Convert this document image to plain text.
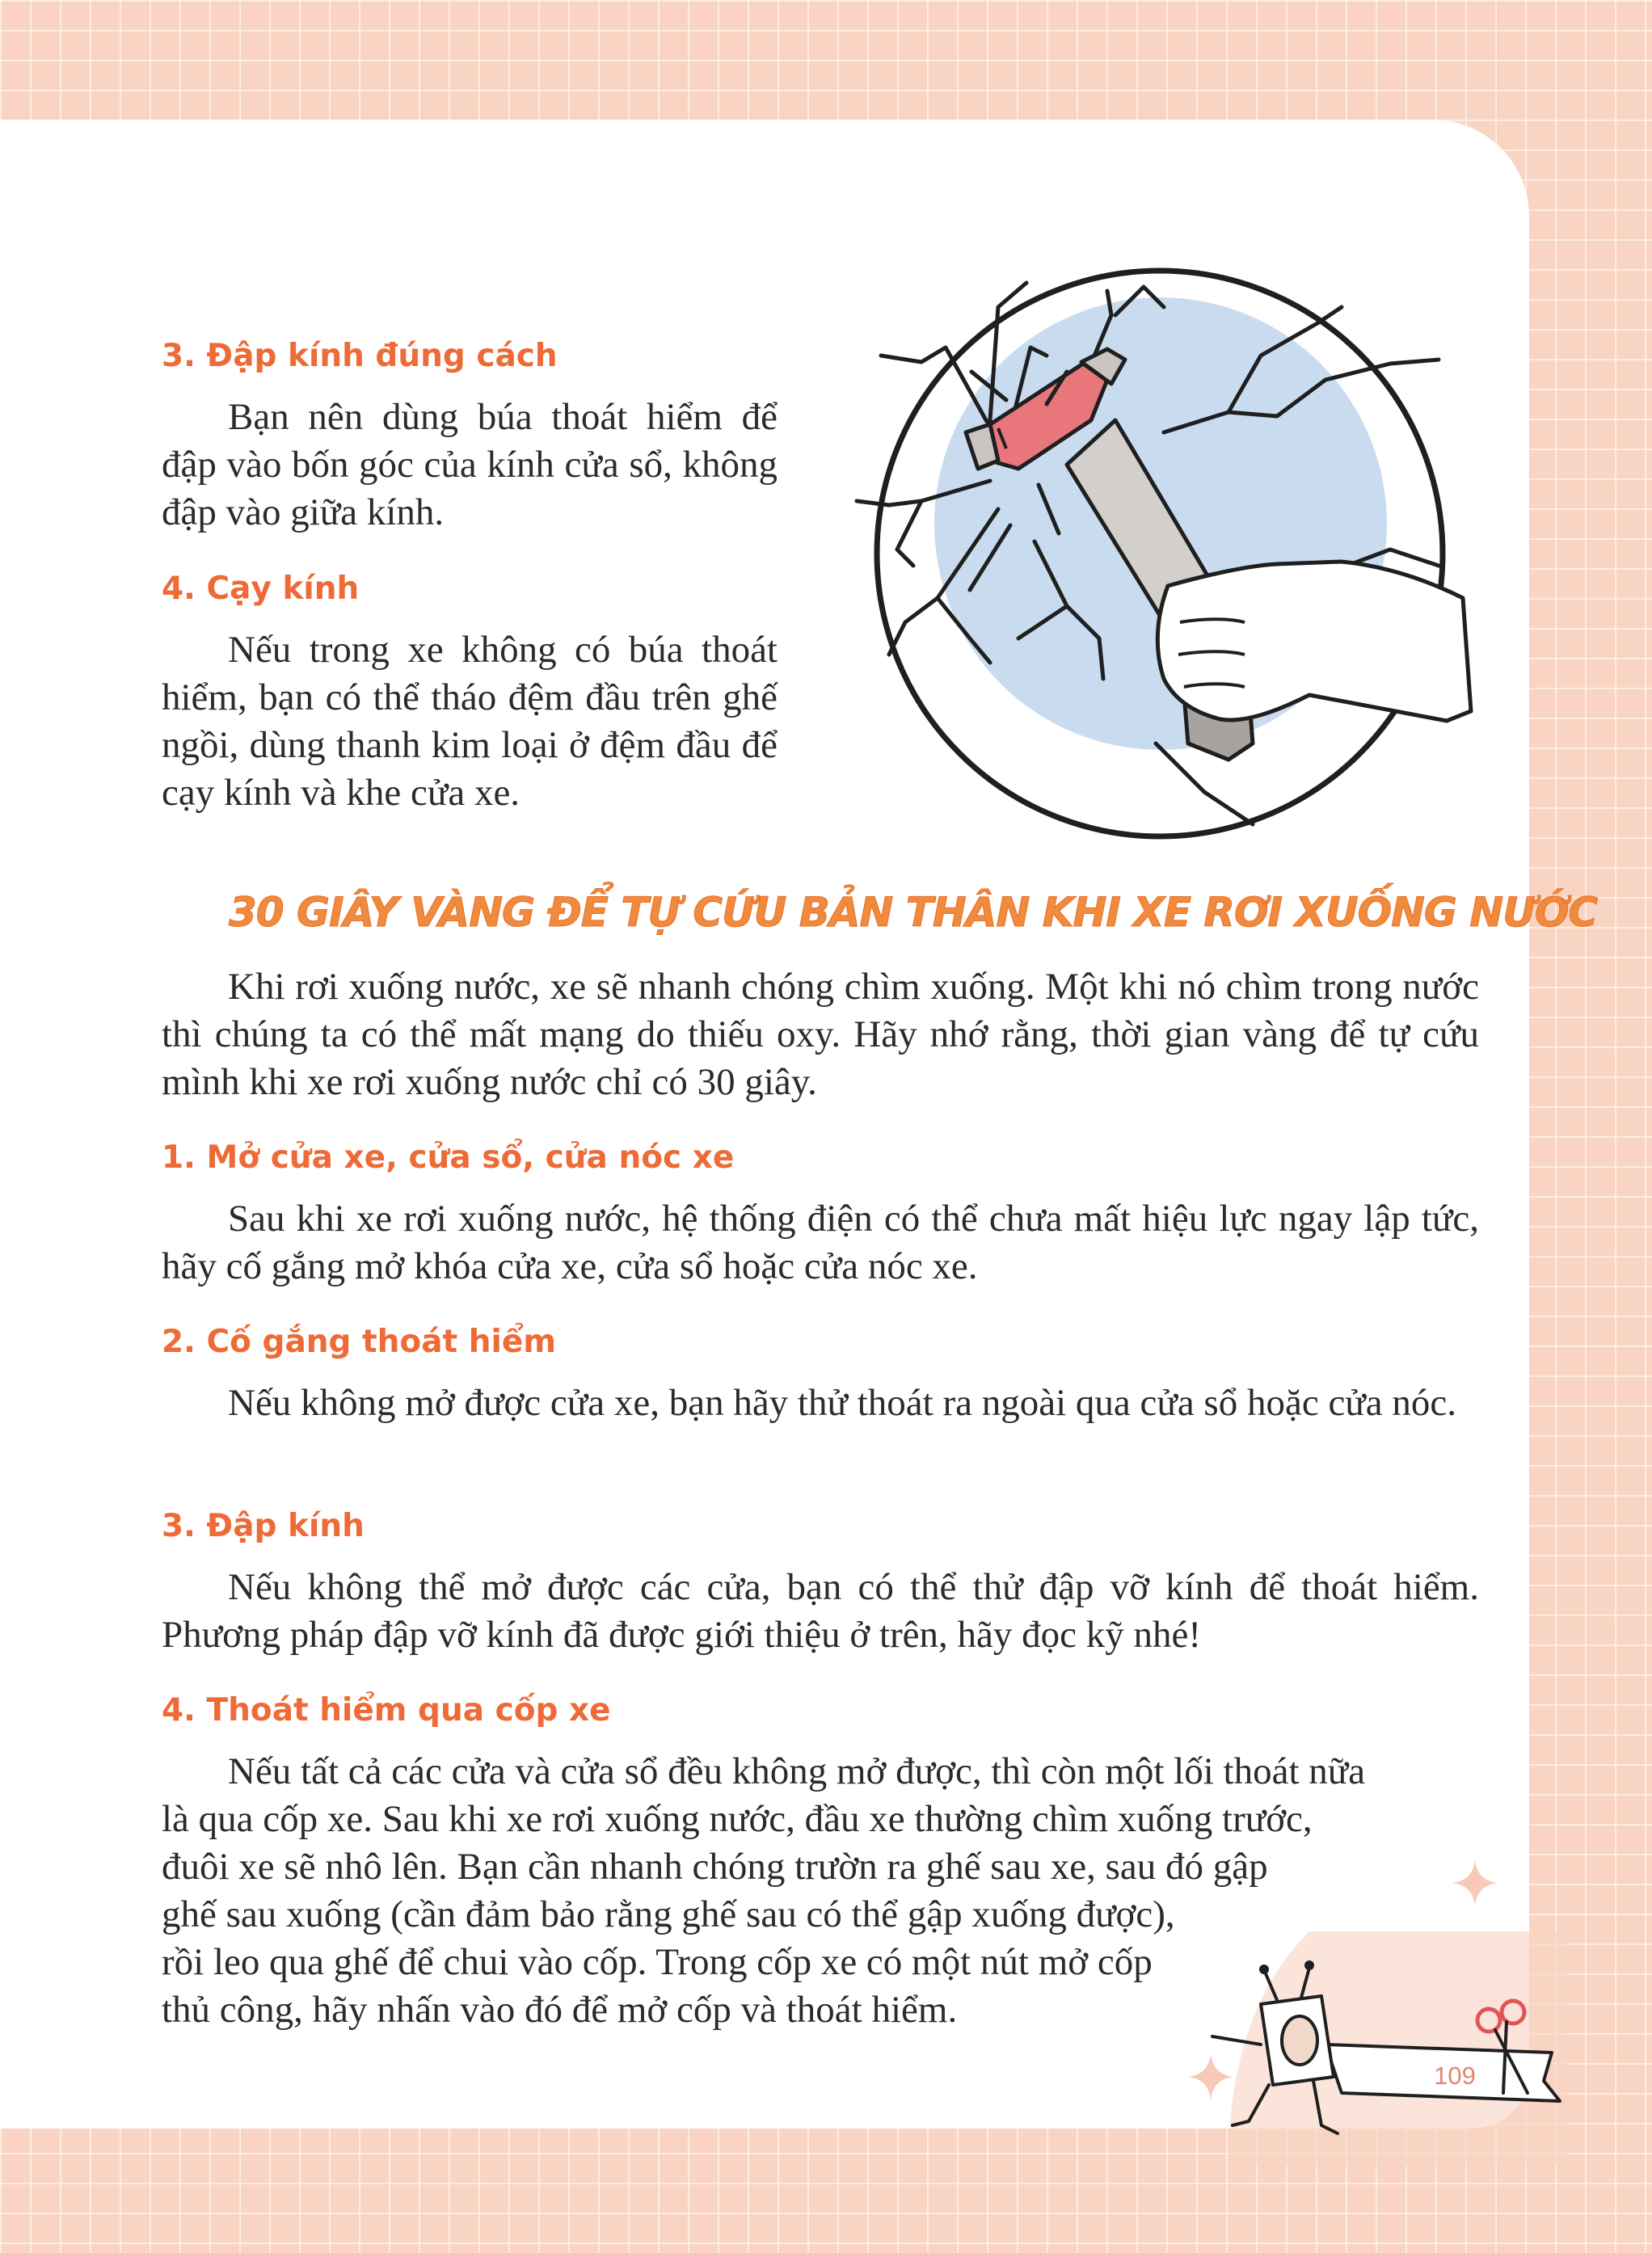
3. Đập kính đúng cách

Bạn nên dùng búa thoát hiểm để đập vào bốn góc của kính cửa sổ, không đập vào giữa kính.

4. Cạy kính

Nếu trong xe không có búa thoát hiểm, bạn có thể tháo đệm đầu trên ghế ngồi, dùng thanh kim loại ở đệm đầu để cạy kính và khe cửa xe.

30 GIÂY VÀNG ĐỂ TỰ CỨU BẢN THÂN KHI XE RƠI XUỐNG NƯỚC

Khi rơi xuống nước, xe sẽ nhanh chóng chìm xuống. Một khi nó chìm trong nước thì chúng ta có thể mất mạng do thiếu oxy. Hãy nhớ rằng, thời gian vàng để tự cứu mình khi xe rơi xuống nước chỉ có 30 giây.

1. Mở cửa xe, cửa sổ, cửa nóc xe

Sau khi xe rơi xuống nước, hệ thống điện có thể chưa mất hiệu lực ngay lập tức, hãy cố gắng mở khóa cửa xe, cửa sổ hoặc cửa nóc xe.

2. Cố gắng thoát hiểm

Nếu không mở được cửa xe, bạn hãy thử thoát ra ngoài qua cửa sổ hoặc cửa nóc.

3. Đập kính

Nếu không thể mở được các cửa, bạn có thể thử đập vỡ kính để thoát hiểm. Phương pháp đập vỡ kính đã được giới thiệu ở trên, hãy đọc kỹ nhé!

4. Thoát hiểm qua cốp xe
Nếu tất cả các cửa và cửa sổ đều không mở được, thì còn một lối thoát nữa
là qua cốp xe. Sau khi xe rơi xuống nước, đầu xe thường chìm xuống trước,
đuôi xe sẽ nhô lên. Bạn cần nhanh chóng trườn ra ghế sau xe, sau đó gập
ghế sau xuống (cần đảm bảo rằng ghế sau có thể gập xuống được),
rồi leo qua ghế để chui vào cốp. Trong cốp xe có một nút mở cốp
thủ công, hãy nhấn vào đó để mở cốp và thoát hiểm.
109
